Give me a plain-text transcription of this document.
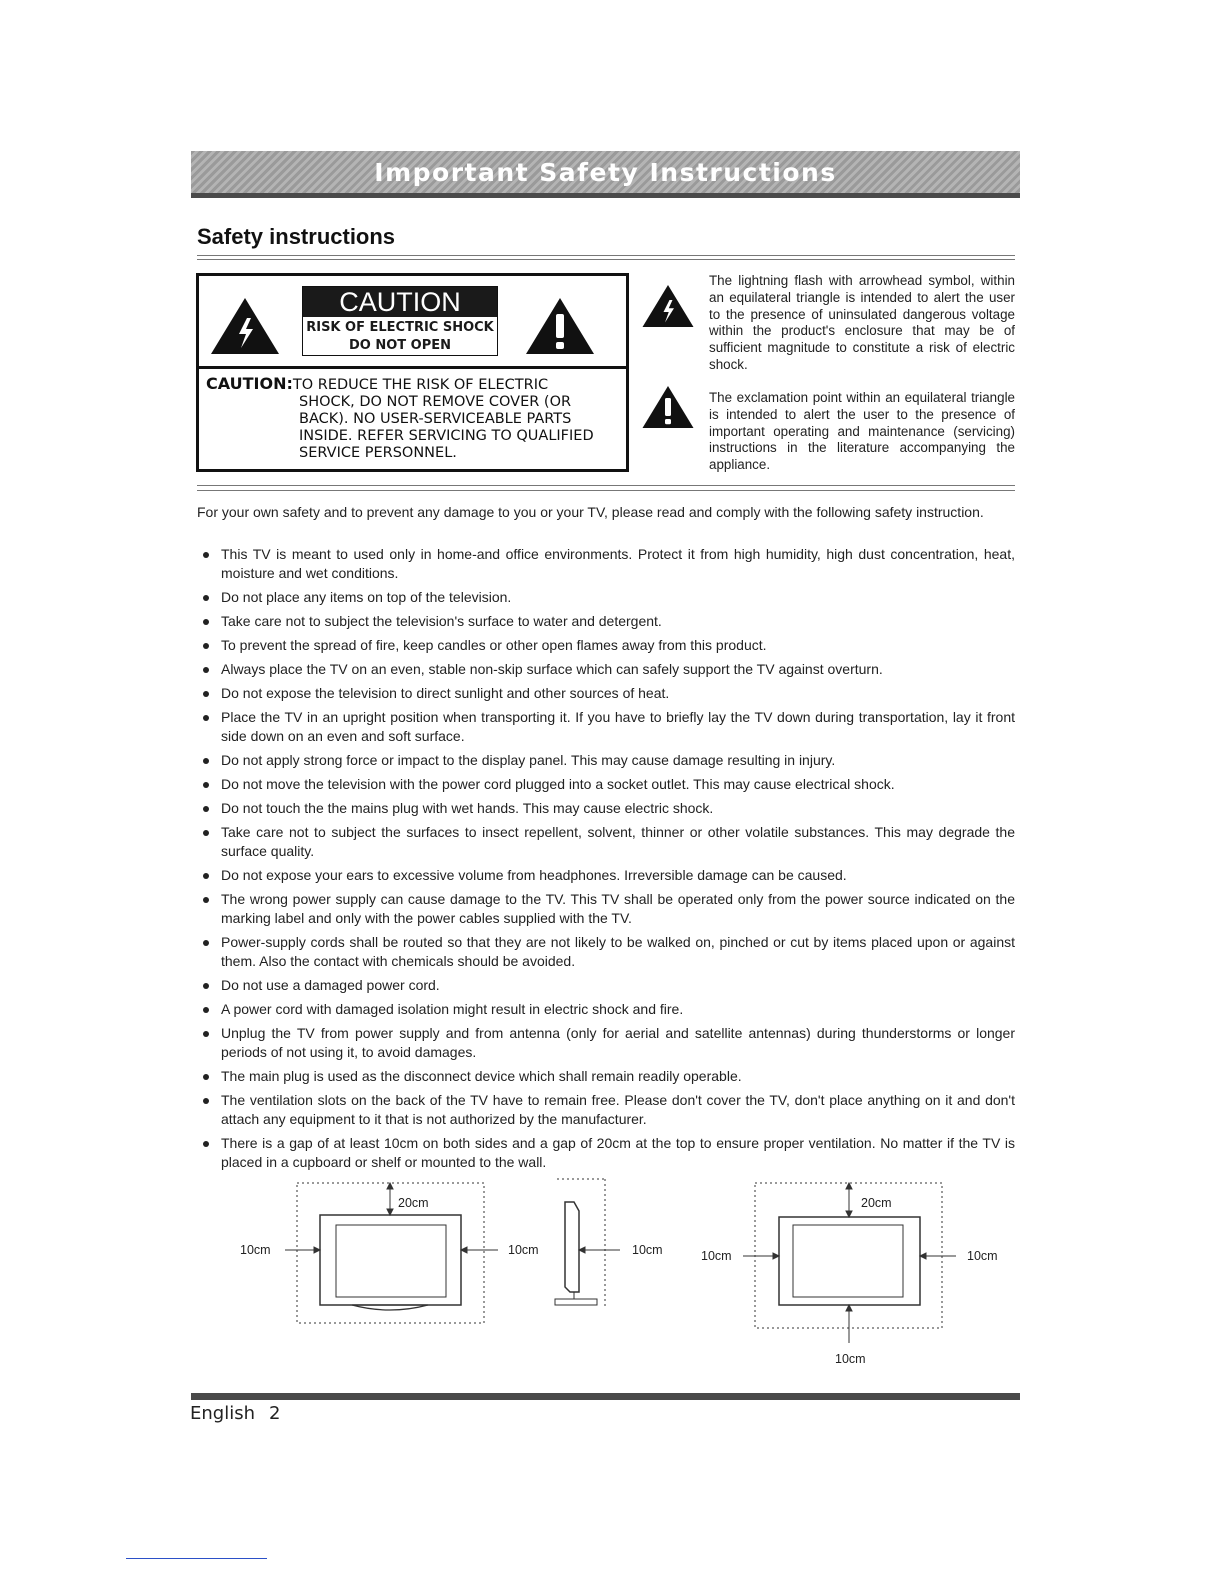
Important Safety Instructions
Safety instructions
CAUTION
RISK OF ELECTRIC SHOCK
DO NOT OPEN
CAUTION:TO REDUCE THE RISK OF ELECTRIC
SHOCK, DO NOT REMOVE COVER (OR
BACK). NO USER-SERVICEABLE PARTS
INSIDE. REFER SERVICING TO QUALIFIED
SERVICE PERSONNEL.
The lightning flash with arrowhead symbol, within an equilateral triangle is intended to alert the user to the presence of uninsulated dangerous voltage within the product's enclosure that may be of sufficient magnitude to constitute a risk of electric shock.
The exclamation point within an equilateral triangle is intended to alert the user to the presence of important operating and maintenance (servicing) instructions in the literature accompanying the appliance.

For your own safety and to prevent any damage to you or your TV, please read and comply with the following safety instruction.

This TV is meant to used only in home-and office environments. Protect it from high humidity, high dust concentration, heat, moisture and wet conditions.
Do not place any items on top of the television.
Take care not to subject the television's surface to water and detergent.
To prevent the spread of fire, keep candles or other open flames away from this product.
Always place the TV on an even, stable non-skip surface which can safely support the TV against overturn.
Do not expose the television to direct sunlight and other sources of heat.
Place the TV in an upright position when transporting it. If you have to briefly lay the TV down during transportation, lay it front side down on an even and soft surface.
Do not apply strong force or impact to the display panel. This may cause damage resulting in injury.
Do not move the television with the power cord plugged into a socket outlet. This may cause electrical shock.
Do not touch the the mains plug with wet hands. This may cause electric shock.
Take care not to subject the surfaces to insect repellent, solvent, thinner or other volatile substances. This may degrade the surface quality.
Do not expose your ears to excessive volume from headphones. Irreversible damage can be caused.
The wrong power supply can cause damage to the TV. This TV shall be operated only from the power source indicated on the marking label and only with the power cables supplied with the TV.
Power-supply cords shall be routed so that they are not likely to be walked on, pinched or cut by items placed upon or against them. Also the contact with chemicals should be avoided.
Do not use a damaged power cord.
A power cord with damaged isolation might result in electric shock and fire.
Unplug the TV from power supply and from antenna (only for aerial and satellite antennas) during thunderstorms or longer periods of not using it, to avoid damages.
The main plug is used as the disconnect device which shall remain readily operable.
The ventilation slots on the back of the TV have to remain free. Please don't cover the TV, don't place anything on it and don't attach any equipment to it that is not authorized by the manufacturer.
There is a gap of at least 10cm on both sides and a gap of 20cm at the top to ensure proper ventilation. No matter if the TV is placed in a cupboard or shelf or mounted to the wall.
20cm
10cm	10cm	10cm
20cm
10cm	10cm
10cm
English 2
